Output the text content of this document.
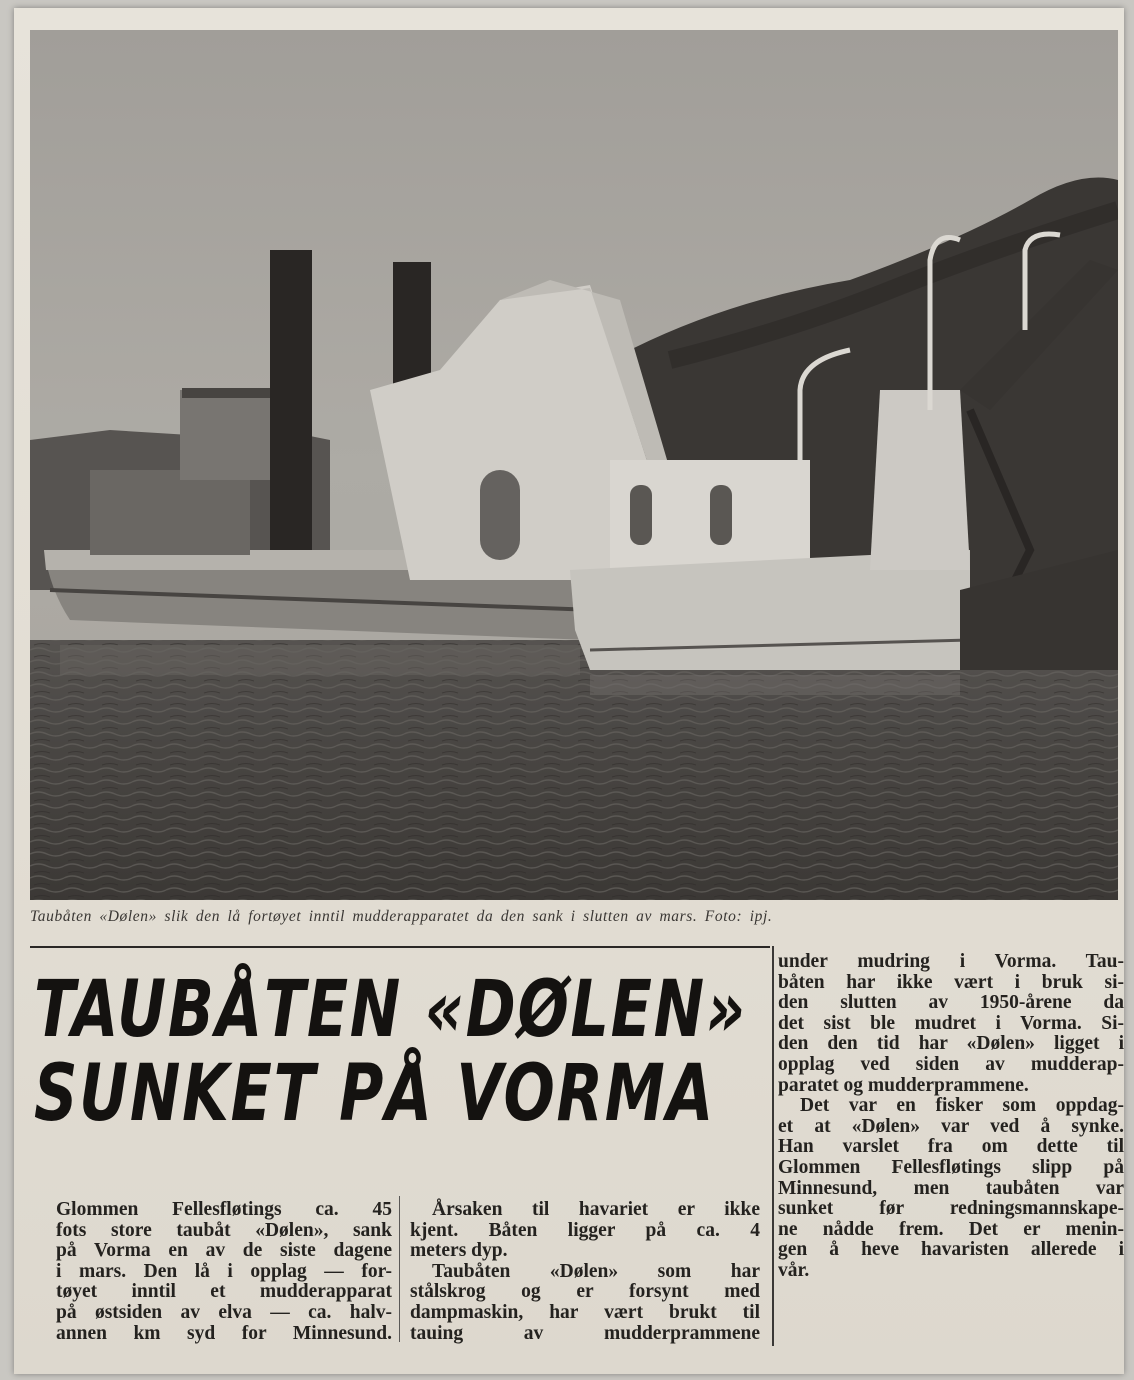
Taubåten «Dølen» slik den lå fortøyet inntil mudderapparatet da den sank i slutten av mars. Foto: ipj.
TAUBÅTEN «DØLEN»
SUNKET PÅ VORMA
Glommen Fellesfløtings ca. 45
fots store taubåt «Dølen», sank
på Vorma en av de siste dagene
i mars. Den lå i opplag — for-
tøyet inntil et mudderapparat
på østsiden av elva — ca. halv-
annen km syd for Minnesund.
Årsaken til havariet er ikke
kjent. Båten ligger på ca. 4
meters dyp.
Taubåten «Dølen» som har
stålskrog og er forsynt med
dampmaskin, har vært brukt til
tauing av mudderprammene
under mudring i Vorma. Tau-
båten har ikke vært i bruk si-
den slutten av 1950-årene da
det sist ble mudret i Vorma. Si-
den den tid har «Dølen» ligget i
opplag ved siden av mudderap-
paratet og mudderprammene.
Det var en fisker som oppdag-
et at «Dølen» var ved å synke.
Han varslet fra om dette til
Glommen Fellesfløtings slipp på
Minnesund, men taubåten var
sunket før redningsmannskape-
ne nådde frem. Det er menin-
gen å heve havaristen allerede i
vår.
